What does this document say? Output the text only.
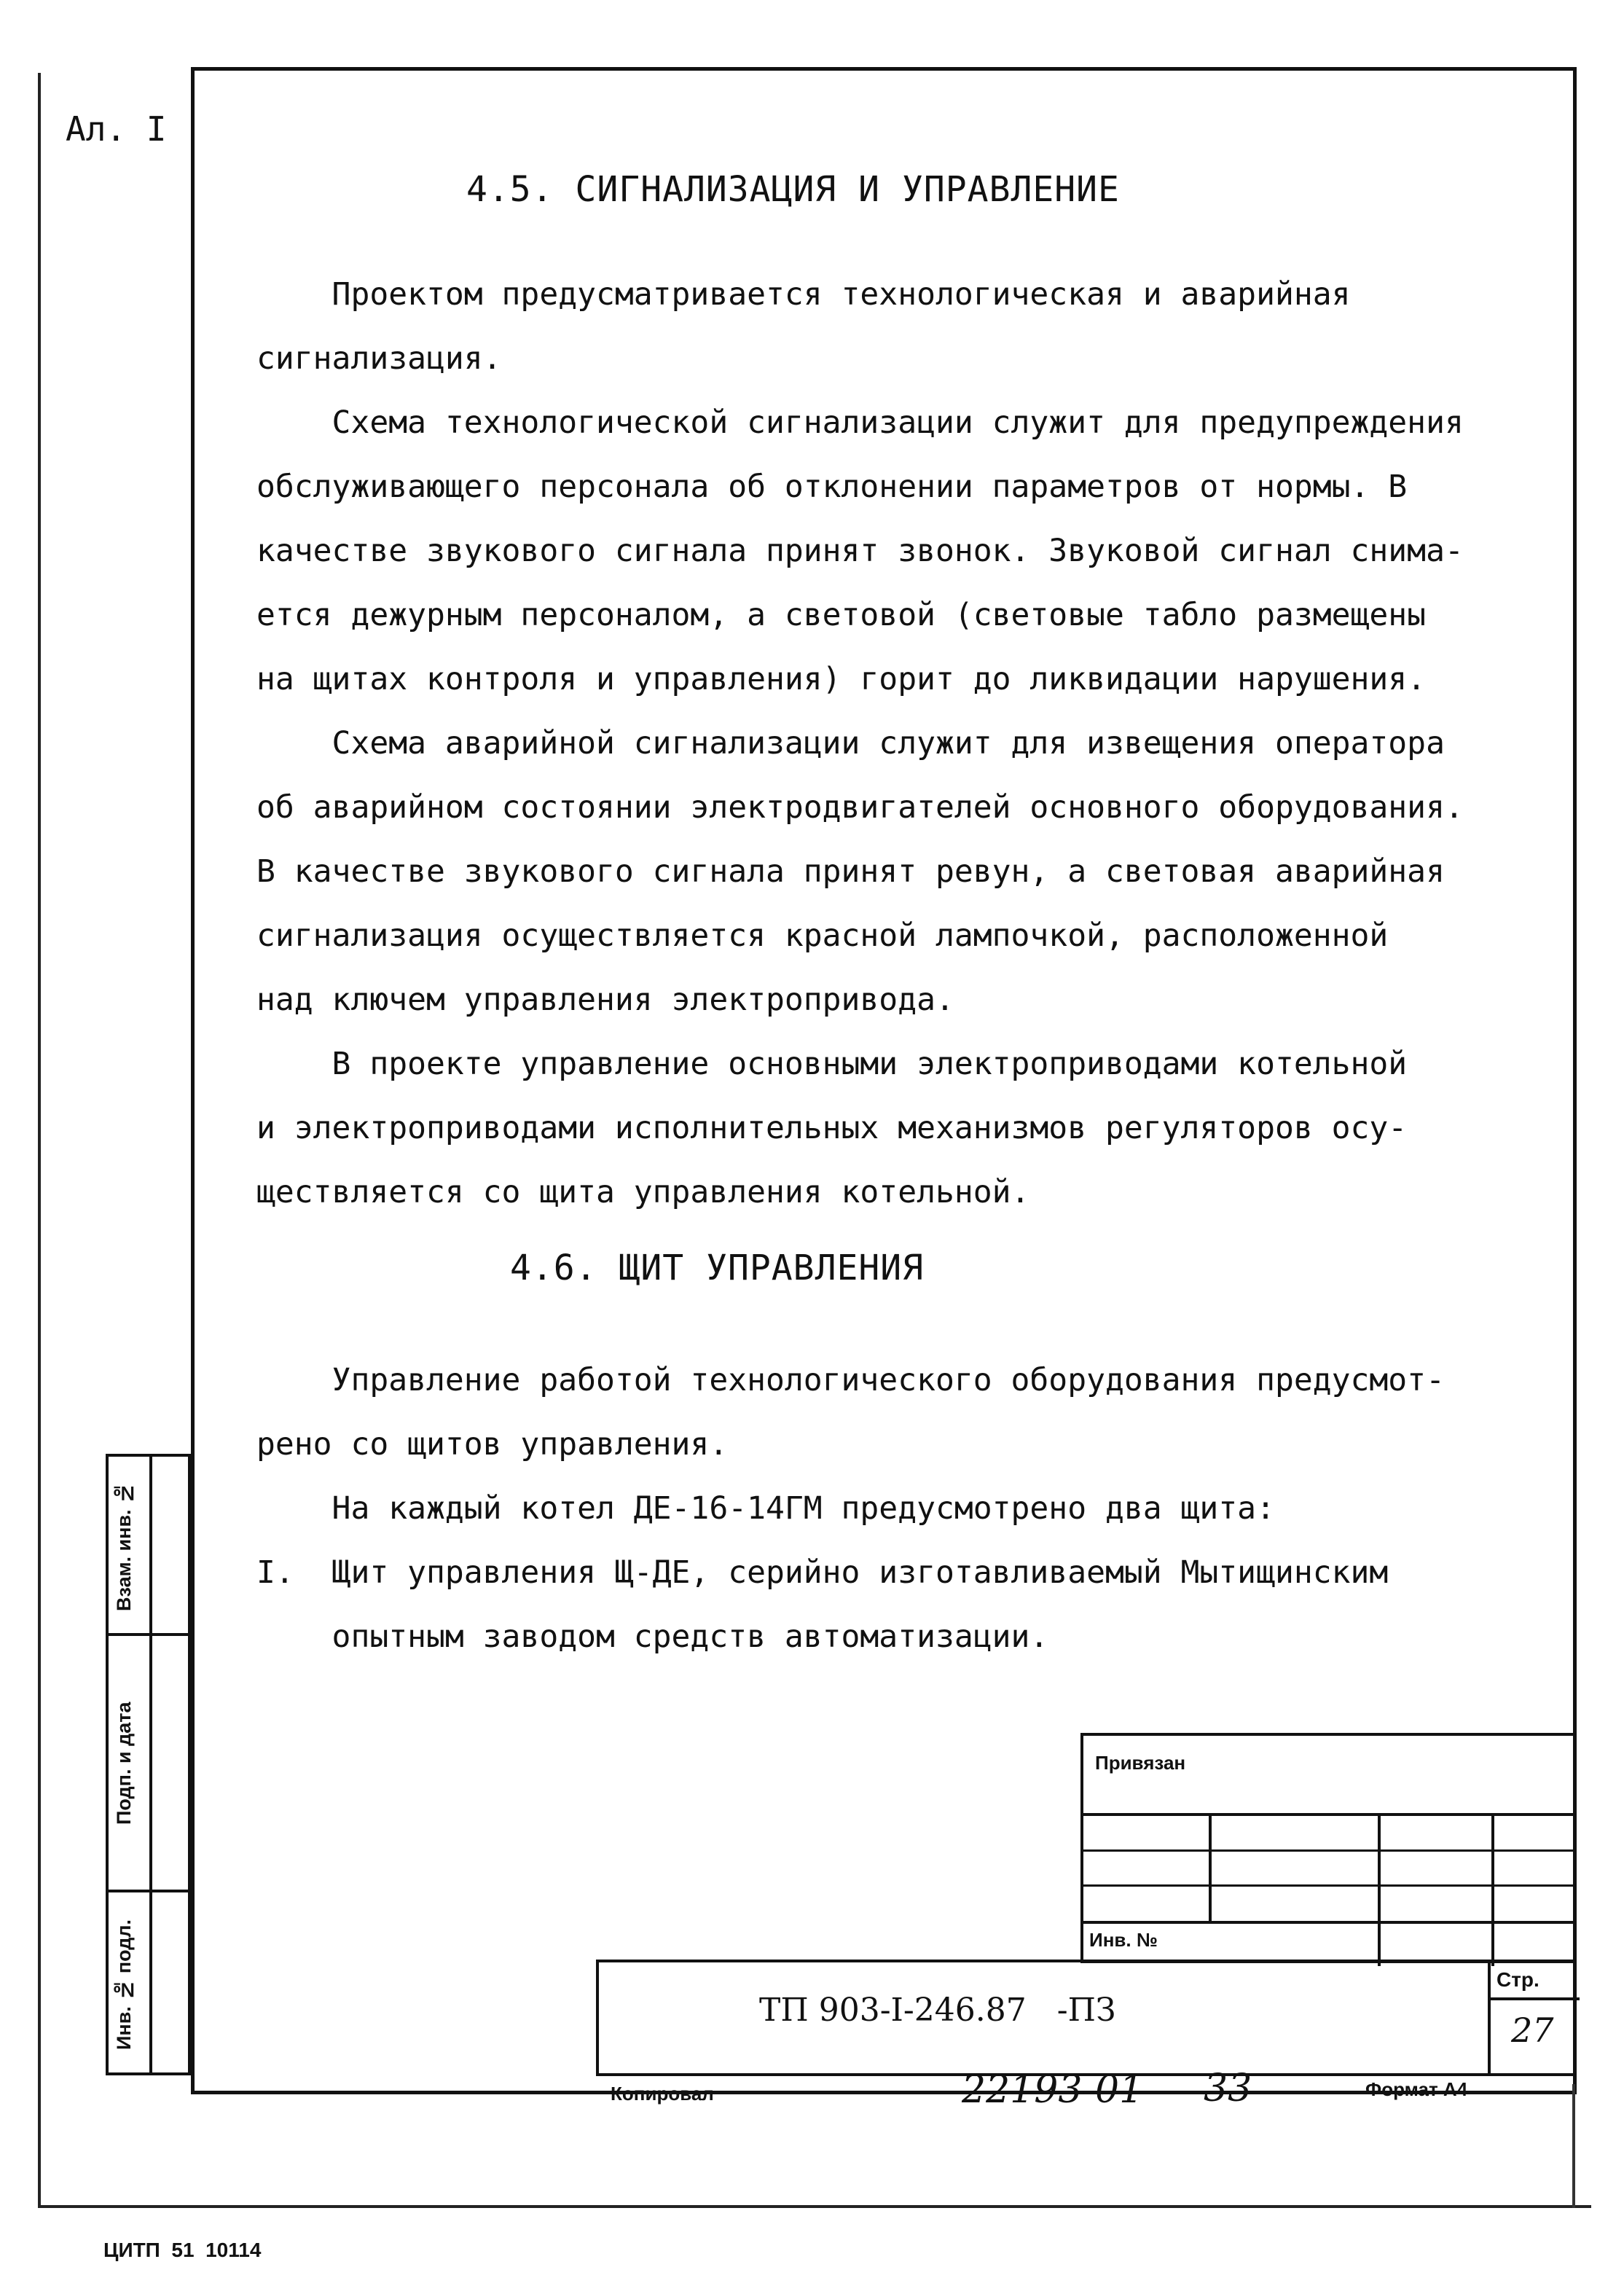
Ал. I
4.5. СИГНАЛИЗАЦИЯ И УПРАВЛЕНИЕ
Проектом предусматривается технологическая и аварийная
сигнализация.
Схема технологической сигнализации служит для предупреждения
обслуживающего персонала об отклонении параметров от нормы. В
качестве звукового сигнала принят звонок. Звуковой сигнал снима-
ется дежурным персоналом, а световой (световые табло размещены
на щитах контроля и управления) горит до ликвидации нарушения.
Схема аварийной сигнализации служит для извещения оператора
об аварийном состоянии электродвигателей основного оборудования.
В качестве звукового сигнала принят ревун, а световая аварийная
сигнализация осуществляется красной лампочкой, расположенной
над ключем управления электропривода.
В проекте управление основными электроприводами котельной
и электроприводами исполнительных механизмов регуляторов осу-
ществляется со щита управления котельной.
4.6. ЩИТ УПРАВЛЕНИЯ
Управление работой технологического оборудования предусмот-
рено со щитов управления.
На каждый котел ДЕ-16-14ГМ предусмотрено два щита:
I.  Щит управления Щ-ДЕ, серийно изготавливаемый Мытищинским
опытным заводом средств автоматизации.
Взам. инв. №
Подп. и дата
Инв. № подл.
Привязан
Инв. №
ТП 903-I-246.87   -ПЗ
Стр.
27
Копировал	22193-01 33	Формат А4
ЦИТП  51  10114
